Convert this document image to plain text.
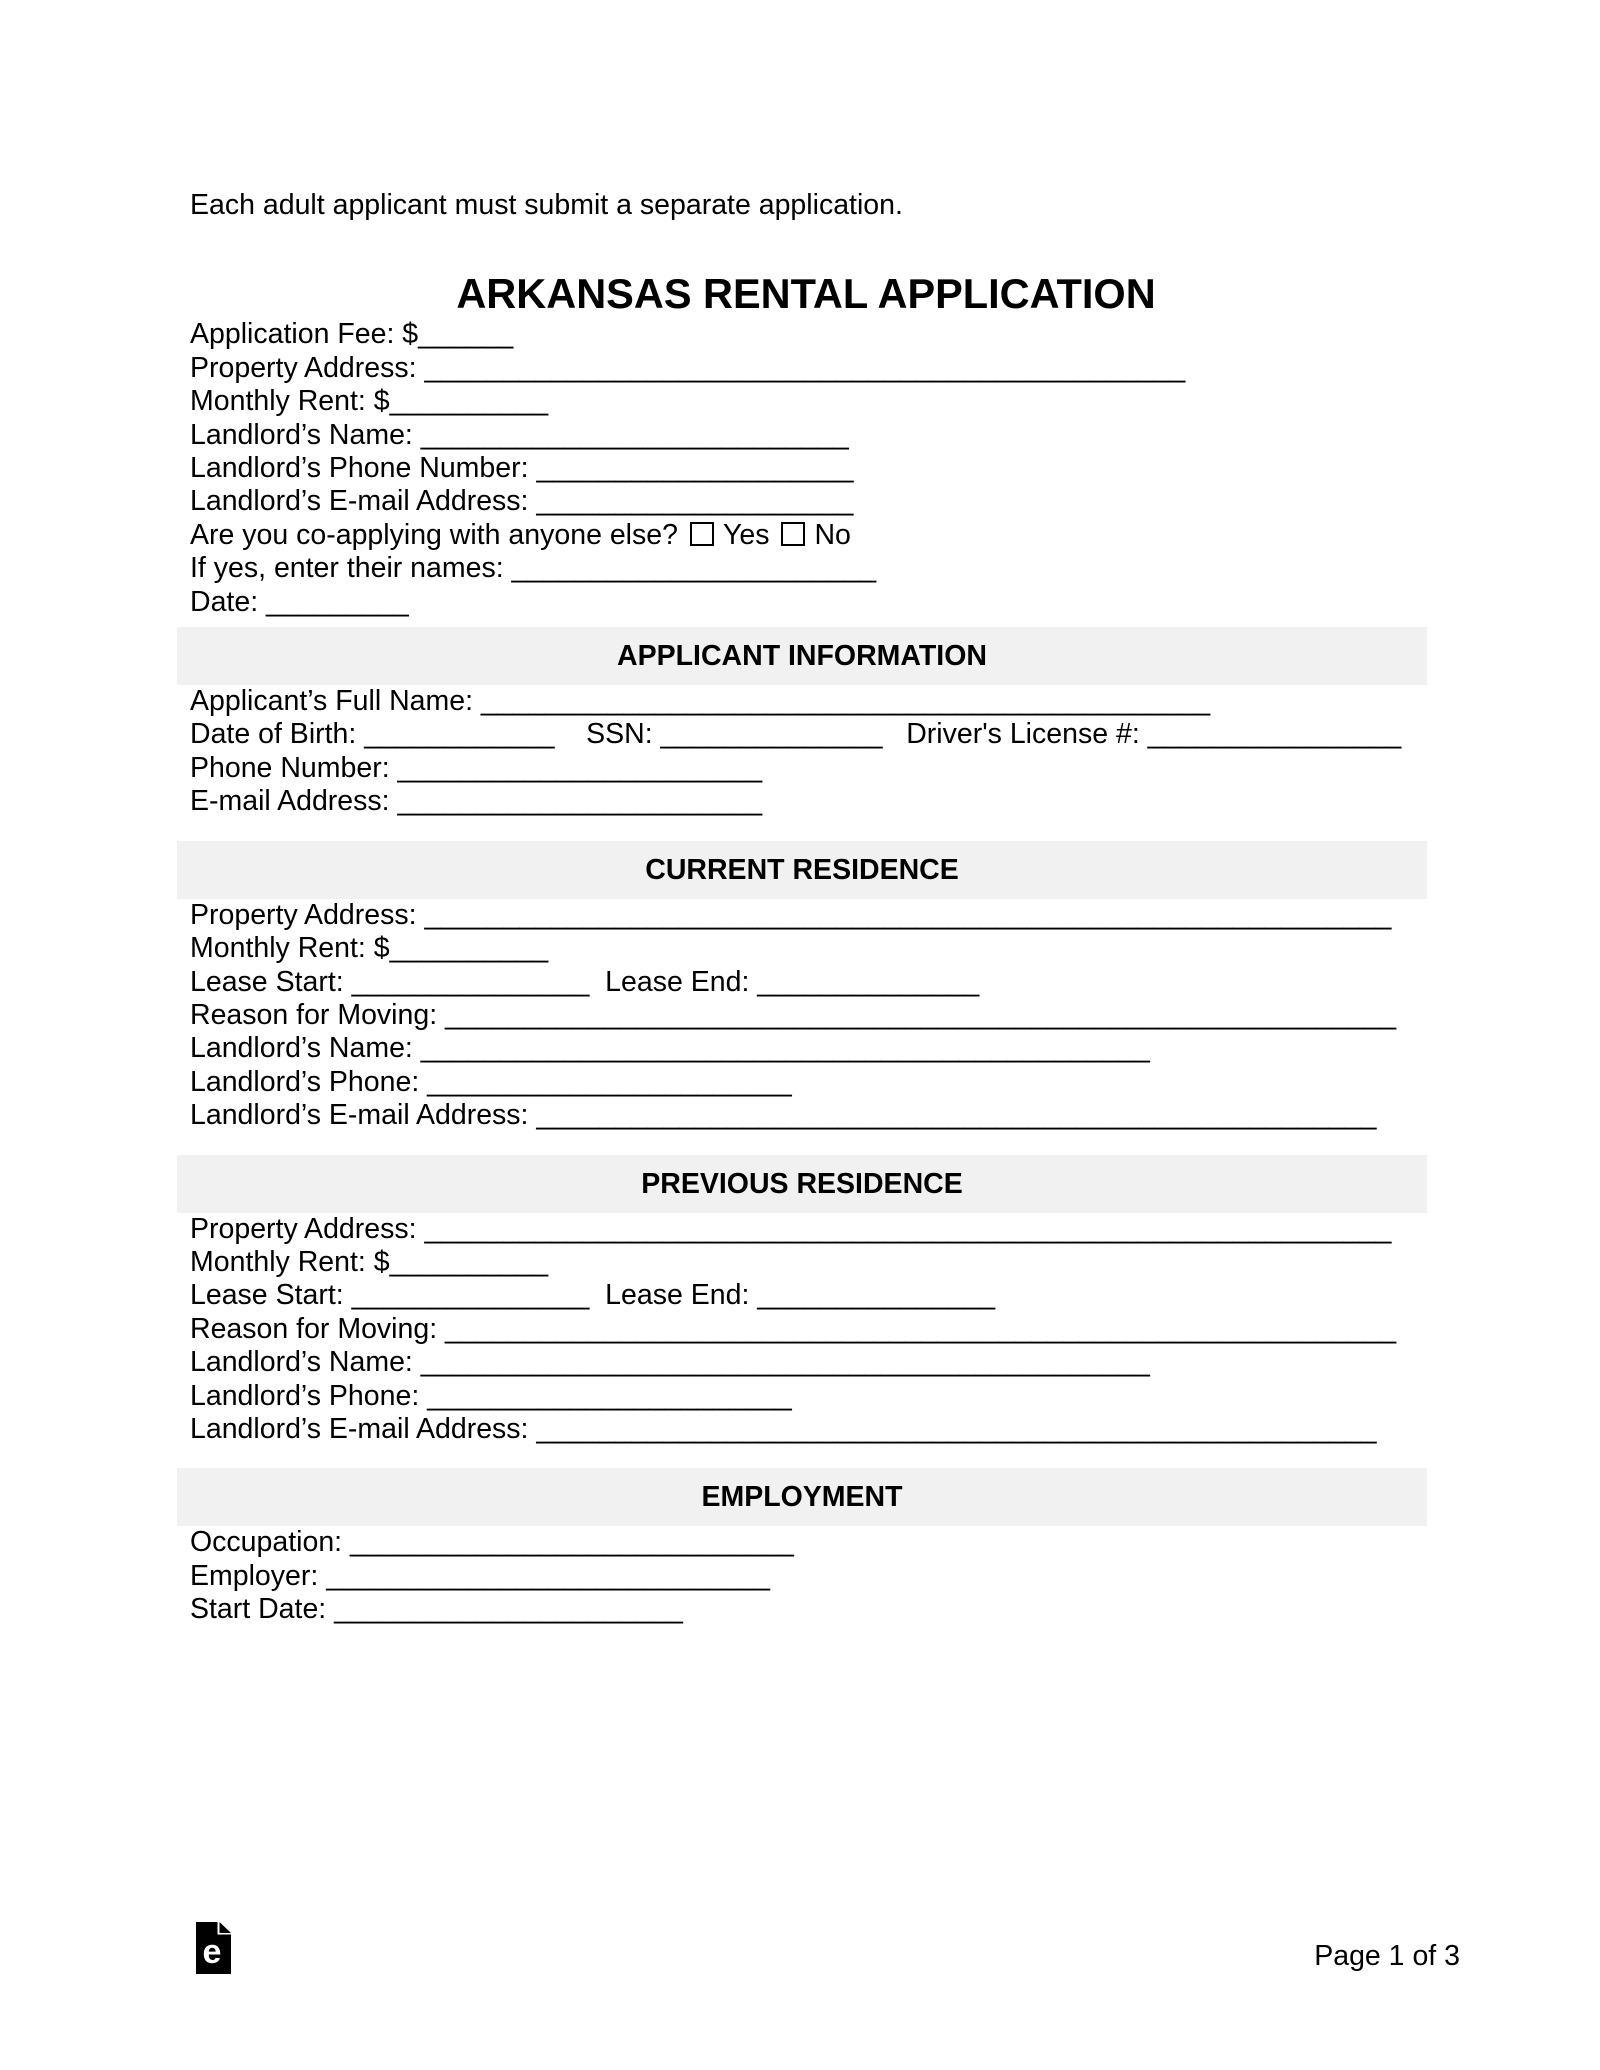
Each adult applicant must submit a separate application.

ARKANSAS RENTAL APPLICATION

Application Fee: $______

Property Address: ________________________________________________

Monthly Rent: $__________

Landlord’s Name: ___________________________

Landlord’s Phone Number: ____________________

Landlord’s E-mail Address: ____________________

Are you co-applying with anyone else? Yes No

If yes, enter their names: _______________________

Date: _________

APPLICANT INFORMATION

Applicant’s Full Name: ______________________________________________

Date of Birth: ____________    SSN: ______________   Driver's License #: ________________

Phone Number: _______________________

E-mail Address: _______________________

CURRENT RESIDENCE

Property Address: _____________________________________________________________

Monthly Rent: $__________

Lease Start: _______________  Lease End: ______________

Reason for Moving: ____________________________________________________________

Landlord’s Name: ______________________________________________

Landlord’s Phone: _______________________

Landlord’s E-mail Address: _____________________________________________________

PREVIOUS RESIDENCE

Property Address: _____________________________________________________________

Monthly Rent: $__________

Lease Start: _______________  Lease End: _______________

Reason for Moving: ____________________________________________________________

Landlord’s Name: ______________________________________________

Landlord’s Phone: _______________________

Landlord’s E-mail Address: _____________________________________________________

EMPLOYMENT

Occupation: ____________________________

Employer: ____________________________

Start Date: ______________________

e	Page 1 of 3
